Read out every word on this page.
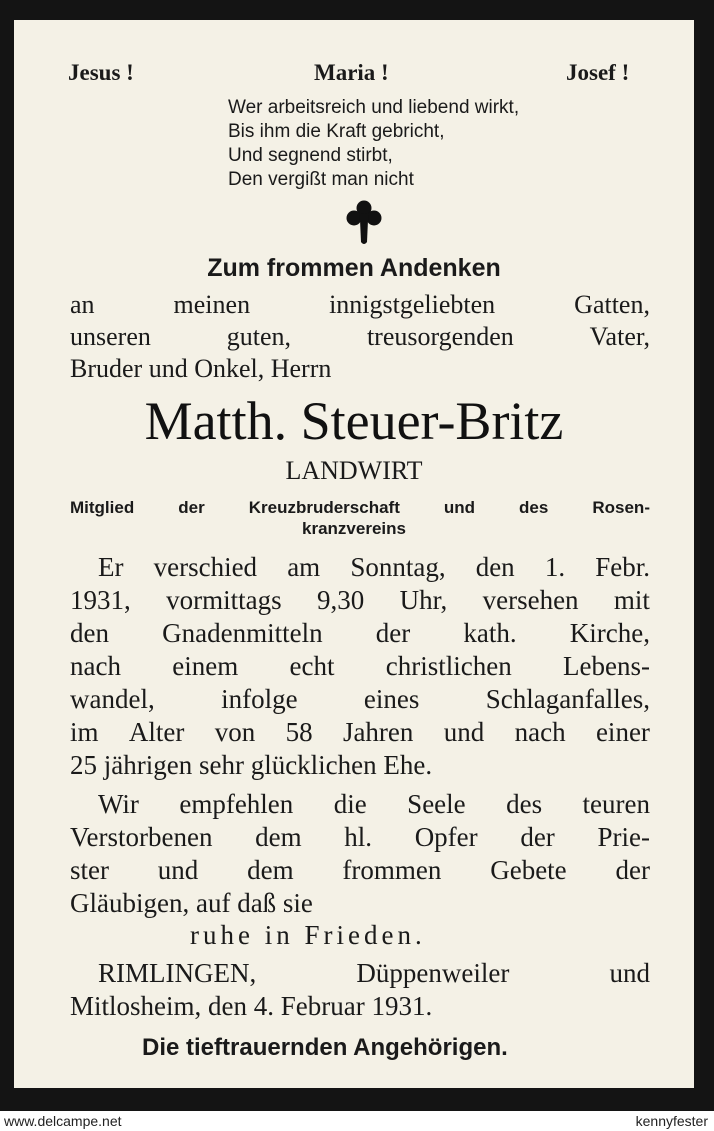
Jesus !	Maria !	Josef !
Wer arbeitsreich und liebend wirkt,
Bis ihm die Kraft gebricht,
Und segnend stirbt,
Den vergißt man nicht
Zum frommen Andenken
an	meinen	innigstgeliebten	Gatten,
unseren	guten,	treusorgenden	Vater,
Bruder und Onkel, Herrn
Matth. Steuer-Britz
LANDWIRT
Mitglied	der	Kreuzbruderschaft	und	des	Rosen-
kranzvereins
Er verschied am Sonntag, den 1. Febr.
1931, vormittags 9,30 Uhr, versehen mit
den Gnadenmitteln der kath. Kirche,
nach einem echt christlichen Lebens-
wandel, infolge eines Schlaganfalles,
im Alter von 58 Jahren und nach einer
25 jährigen sehr glücklichen Ehe.
Wir empfehlen die Seele des teuren
Verstorbenen dem hl. Opfer der Prie-
ster und dem frommen Gebete der
Gläubigen, auf daß sie
ruhe in Frieden.
RIMLINGEN,	Düppenweiler	und
Mitlosheim, den 4. Februar 1931.
Die tieftrauernden Angehörigen.
www.delcampe.net	kennyfester
